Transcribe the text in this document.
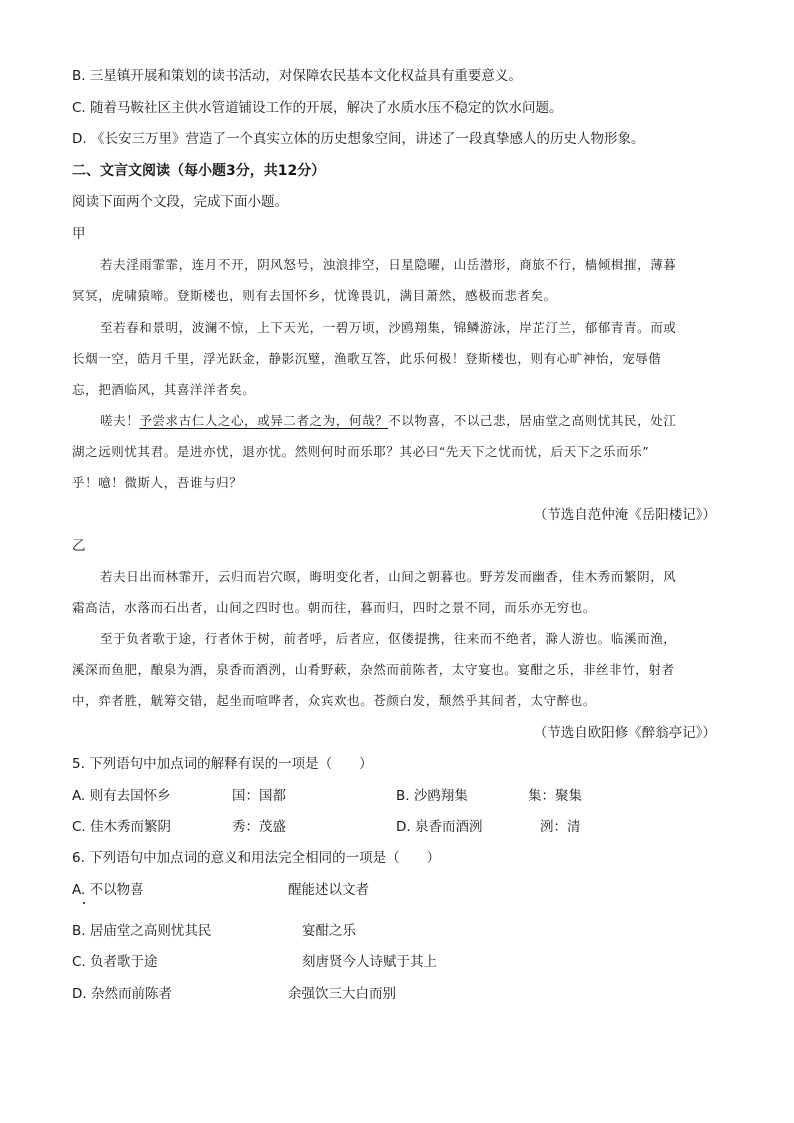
B. 三星镇开展和策划的读书活动，对保障农民基本文化权益具有重要意义。
C. 随着马鞍社区主供水管道铺设工作的开展，解决了水质水压不稳定的饮水问题。
D. 《长安三万里》营造了一个真实立体的历史想象空间，讲述了一段真挚感人的历史人物形象。
二、文言文阅读（每小题3分，共12分）
阅读下面两个文段，完成下面小题。
甲
若夫淫雨霏霏，连月不开，阴风怒号，浊浪排空，日星隐曜，山岳潜形，商旅不行，樯倾楫摧，薄暮
冥冥，虎啸猿啼。登斯楼也，则有去国怀乡，忧谗畏讥，满目萧然，感极而悲者矣。
至若春和景明，波澜不惊，上下天光，一碧万顷，沙鸥翔集，锦鳞游泳，岸芷汀兰，郁郁青青。而或
长烟一空，皓月千里，浮光跃金，静影沉璧，渔歌互答，此乐何极！登斯楼也，则有心旷神怡，宠辱偕
忘，把酒临风，其喜洋洋者矣。
嗟夫！予尝求古仁人之心，或异二者之为，何哉？不以物喜，不以己悲，居庙堂之高则忧其民，处江
湖之远则忧其君。是进亦忧，退亦忧。然则何时而乐耶？其必曰“先天下之忧而忧，后天下之乐而乐”
乎！噫！微斯人，吾谁与归？
（节选自范仲淹《岳阳楼记》）
乙
若夫日出而林霏开，云归而岩穴暝，晦明变化者，山间之朝暮也。野芳发而幽香，佳木秀而繁阴，风
霜高洁，水落而石出者，山间之四时也。朝而往，暮而归，四时之景不同，而乐亦无穷也。
至于负者歌于途，行者休于树，前者呼，后者应，伛偻提携，往来而不绝者，滁人游也。临溪而渔，
溪深而鱼肥，酿泉为酒，泉香而酒洌，山肴野蔌，杂然而前陈者，太守宴也。宴酣之乐，非丝非竹，射者
中，弈者胜，觥筹交错，起坐而喧哗者，众宾欢也。苍颜白发，颓然乎其间者，太守醉也。
（节选自欧阳修《醉翁亭记》）
5. 下列语句中加点词的解释有误的一项是（　　）
A. 则有去国怀乡	国：国都	B. 沙鸥翔集	集：聚集
C. 佳木秀而繁阴	秀：茂盛	D. 泉香而酒洌	洌：清
6. 下列语句中加点词的意义和用法完全相同的一项是（　　）
A. 不以物喜	醒能述以文者
B. 居庙堂之高则忧其民	宴酣之乐
C. 负者歌于途	刻唐贤今人诗赋于其上
D. 杂然而前陈者	余强饮三大白而别
